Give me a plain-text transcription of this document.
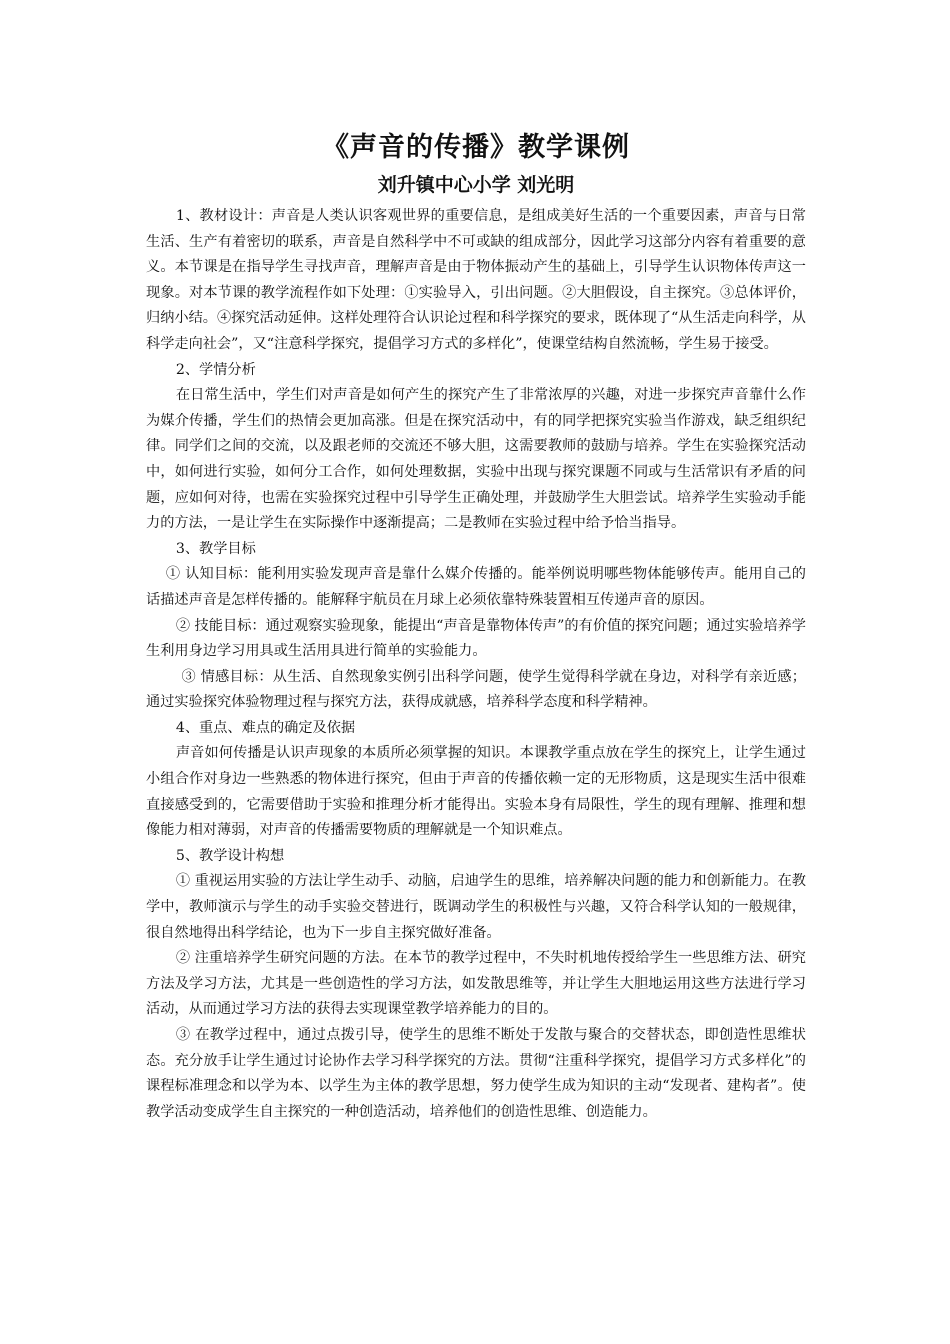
《声音的传播》教学课例
刘升镇中心小学 刘光明

1、教材设计：声音是人类认识客观世界的重要信息，是组成美好生活的一个重要因素，声音与日常生活、生产有着密切的联系，声音是自然科学中不可或缺的组成部分，因此学习这部分内容有着重要的意义。本节课是在指导学生寻找声音，理解声音是由于物体振动产生的基础上，引导学生认识物体传声这一现象。对本节课的教学流程作如下处理：①实验导入，引出问题。②大胆假设，自主探究。③总体评价，归纳小结。④探究活动延伸。这样处理符合认识论过程和科学探究的要求，既体现了“从生活走向科学，从科学走向社会”，又“注意科学探究，提倡学习方式的多样化”，使课堂结构自然流畅，学生易于接受。

2、学情分析

在日常生活中，学生们对声音是如何产生的探究产生了非常浓厚的兴趣，对进一步探究声音靠什么作为媒介传播，学生们的热情会更加高涨。但是在探究活动中，有的同学把探究实验当作游戏，缺乏组织纪律。同学们之间的交流，以及跟老师的交流还不够大胆，这需要教师的鼓励与培养。学生在实验探究活动中，如何进行实验，如何分工合作，如何处理数据，实验中出现与探究课题不同或与生活常识有矛盾的问题，应如何对待，也需在实验探究过程中引导学生正确处理，并鼓励学生大胆尝试。培养学生实验动手能力的方法，一是让学生在实际操作中逐渐提高；二是教师在实验过程中给予恰当指导。

3、教学目标

① 认知目标：能利用实验发现声音是靠什么媒介传播的。能举例说明哪些物体能够传声。能用自己的话描述声音是怎样传播的。能解释宇航员在月球上必须依靠特殊装置相互传递声音的原因。

② 技能目标：通过观察实验现象，能提出“声音是靠物体传声”的有价值的探究问题；通过实验培养学生利用身边学习用具或生活用具进行简单的实验能力。

③ 情感目标：从生活、自然现象实例引出科学问题，使学生觉得科学就在身边，对科学有亲近感；通过实验探究体验物理过程与探究方法，获得成就感，培养科学态度和科学精神。

4、重点、难点的确定及依据

声音如何传播是认识声现象的本质所必须掌握的知识。本课教学重点放在学生的探究上，让学生通过小组合作对身边一些熟悉的物体进行探究，但由于声音的传播依赖一定的无形物质，这是现实生活中很难直接感受到的，它需要借助于实验和推理分析才能得出。实验本身有局限性，学生的现有理解、推理和想像能力相对薄弱，对声音的传播需要物质的理解就是一个知识难点。

5、教学设计构想

① 重视运用实验的方法让学生动手、动脑，启迪学生的思维，培养解决问题的能力和创新能力。在教学中，教师演示与学生的动手实验交替进行，既调动学生的积极性与兴趣，又符合科学认知的一般规律，很自然地得出科学结论，也为下一步自主探究做好准备。

② 注重培养学生研究问题的方法。在本节的教学过程中，不失时机地传授给学生一些思维方法、研究方法及学习方法，尤其是一些创造性的学习方法，如发散思维等，并让学生大胆地运用这些方法进行学习活动，从而通过学习方法的获得去实现课堂教学培养能力的目的。

③ 在教学过程中，通过点拨引导，使学生的思维不断处于发散与聚合的交替状态，即创造性思维状态。充分放手让学生通过讨论协作去学习科学探究的方法。贯彻“注重科学探究，提倡学习方式多样化”的课程标准理念和以学为本、以学生为主体的教学思想，努力使学生成为知识的主动“发现者、建构者”。使教学活动变成学生自主探究的一种创造活动，培养他们的创造性思维、创造能力。
